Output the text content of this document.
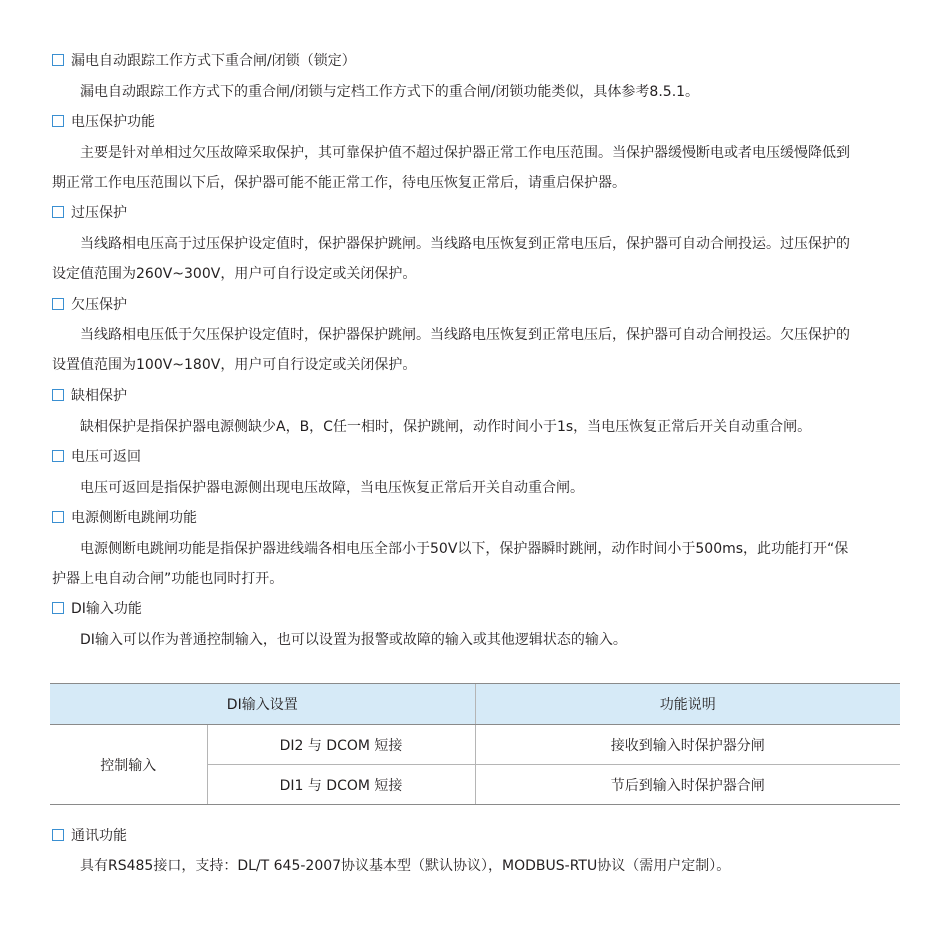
漏电自动跟踪工作方式下重合闸/闭锁（锁定）
漏电自动跟踪工作方式下的重合闸/闭锁与定档工作方式下的重合闸/闭锁功能类似，具体参考8.5.1。
电压保护功能
主要是针对单相过欠压故障采取保护，其可靠保护值不超过保护器正常工作电压范围。当保护器缓慢断电或者电压缓慢降低到
期正常工作电压范围以下后，保护器可能不能正常工作，待电压恢复正常后，请重启保护器。
过压保护
当线路相电压高于过压保护设定值时，保护器保护跳闸。当线路电压恢复到正常电压后，保护器可自动合闸投运。过压保护的
设定值范围为260V~300V，用户可自行设定或关闭保护。
欠压保护
当线路相电压低于欠压保护设定值时，保护器保护跳闸。当线路电压恢复到正常电压后，保护器可自动合闸投运。欠压保护的
设置值范围为100V~180V，用户可自行设定或关闭保护。
缺相保护
缺相保护是指保护器电源侧缺少A，B，C任一相时，保护跳闸，动作时间小于1s，当电压恢复正常后开关自动重合闸。
电压可返回
电压可返回是指保护器电源侧出现电压故障，当电压恢复正常后开关自动重合闸。
电源侧断电跳闸功能
电源侧断电跳闸功能是指保护器进线端各相电压全部小于50V以下，保护器瞬时跳闸，动作时间小于500ms，此功能打开“保
护器上电自动合闸”功能也同时打开。
DI输入功能
DI输入可以作为普通控制输入，也可以设置为报警或故障的输入或其他逻辑状态的输入。
DI输入设置		功能说明
控制输入	DI2 与 DCOM 短接	接收到输入时保护器分闸
	DI1 与 DCOM 短接	节后到输入时保护器合闸
通讯功能
具有RS485接口，支持：DL/T 645-2007协议基本型（默认协议），MODBUS-RTU协议（需用户定制）。
